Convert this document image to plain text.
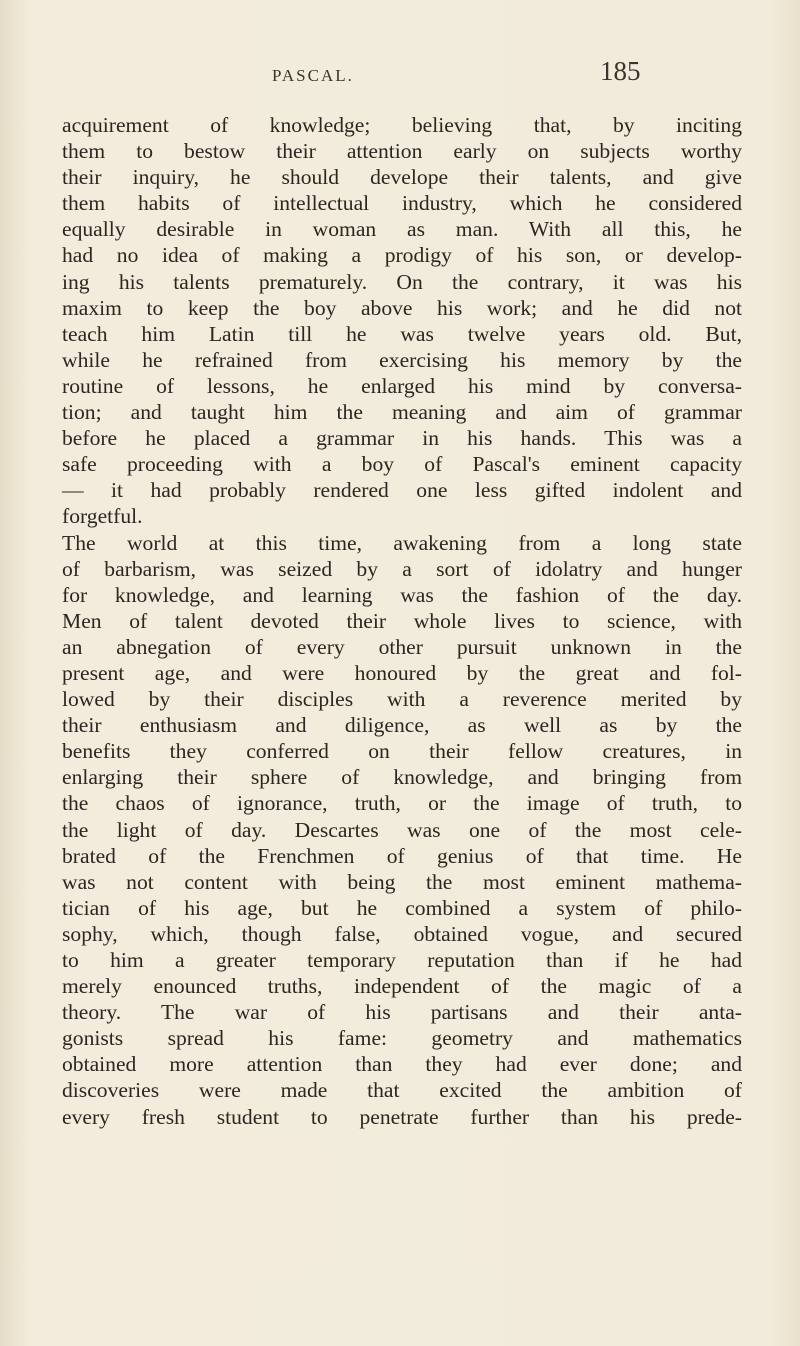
PASCAL.	185
acquirement of knowledge; believing that, by inciting
them to bestow their attention early on subjects worthy
their inquiry, he should develope their talents, and give
them habits of intellectual industry, which he considered
equally desirable in woman as man. With all this, he
had no idea of making a prodigy of his son, or develop-
ing his talents prematurely. On the contrary, it was his
maxim to keep the boy above his work; and he did not
teach him Latin till he was twelve years old. But,
while he refrained from exercising his memory by the
routine of lessons, he enlarged his mind by conversa-
tion; and taught him the meaning and aim of grammar
before he placed a grammar in his hands. This was a
safe proceeding with a boy of Pascal's eminent capacity
— it had probably rendered one less gifted indolent and
forgetful.
The world at this time, awakening from a long state
of barbarism, was seized by a sort of idolatry and hunger
for knowledge, and learning was the fashion of the day.
Men of talent devoted their whole lives to science, with
an abnegation of every other pursuit unknown in the
present age, and were honoured by the great and fol-
lowed by their disciples with a reverence merited by
their enthusiasm and diligence, as well as by the
benefits they conferred on their fellow creatures, in
enlarging their sphere of knowledge, and bringing from
the chaos of ignorance, truth, or the image of truth, to
the light of day. Descartes was one of the most cele-
brated of the Frenchmen of genius of that time. He
was not content with being the most eminent mathema-
tician of his age, but he combined a system of philo-
sophy, which, though false, obtained vogue, and secured
to him a greater temporary reputation than if he had
merely enounced truths, independent of the magic of a
theory. The war of his partisans and their anta-
gonists spread his fame: geometry and mathematics
obtained more attention than they had ever done; and
discoveries were made that excited the ambition of
every fresh student to penetrate further than his prede-
